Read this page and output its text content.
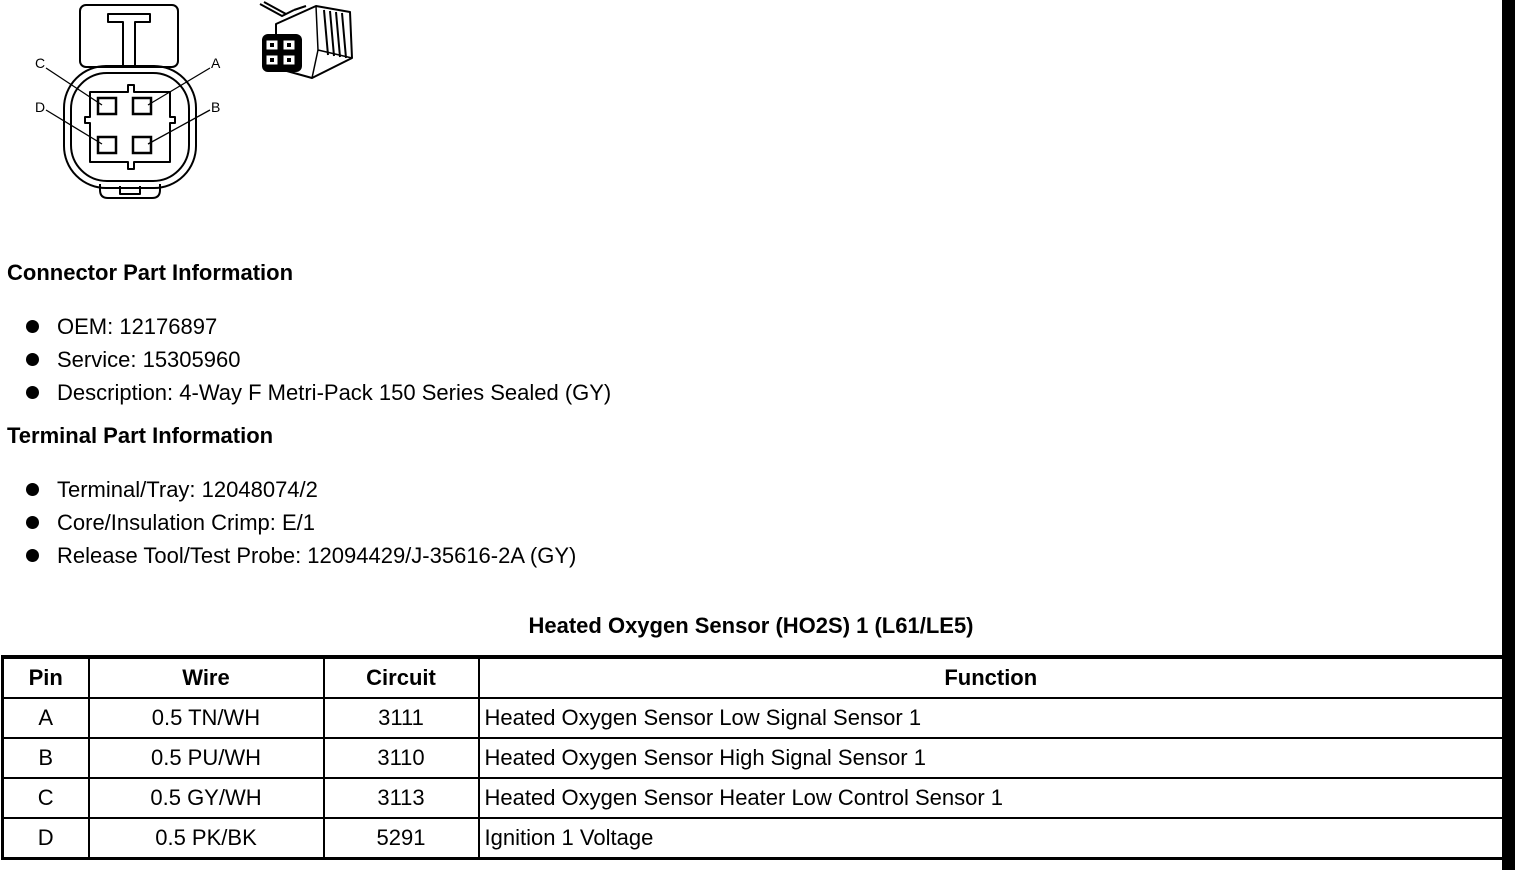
C	A
D	B
Connector Part Information
OEM: 12176897
Service: 15305960
Description: 4-Way F Metri-Pack 150 Series Sealed (GY)
Terminal Part Information
Terminal/Tray: 12048074/2
Core/Insulation Crimp: E/1
Release Tool/Test Probe: 12094429/J-35616-2A (GY)
Heated Oxygen Sensor (HO2S) 1 (L61/LE5)
Pin	Wire	Circuit	Function
A	0.5 TN/WH	3111	Heated Oxygen Sensor Low Signal Sensor 1
B	0.5 PU/WH	3110	Heated Oxygen Sensor High Signal Sensor 1
C	0.5 GY/WH	3113	Heated Oxygen Sensor Heater Low Control Sensor 1
D	0.5 PK/BK	5291	Ignition 1 Voltage
